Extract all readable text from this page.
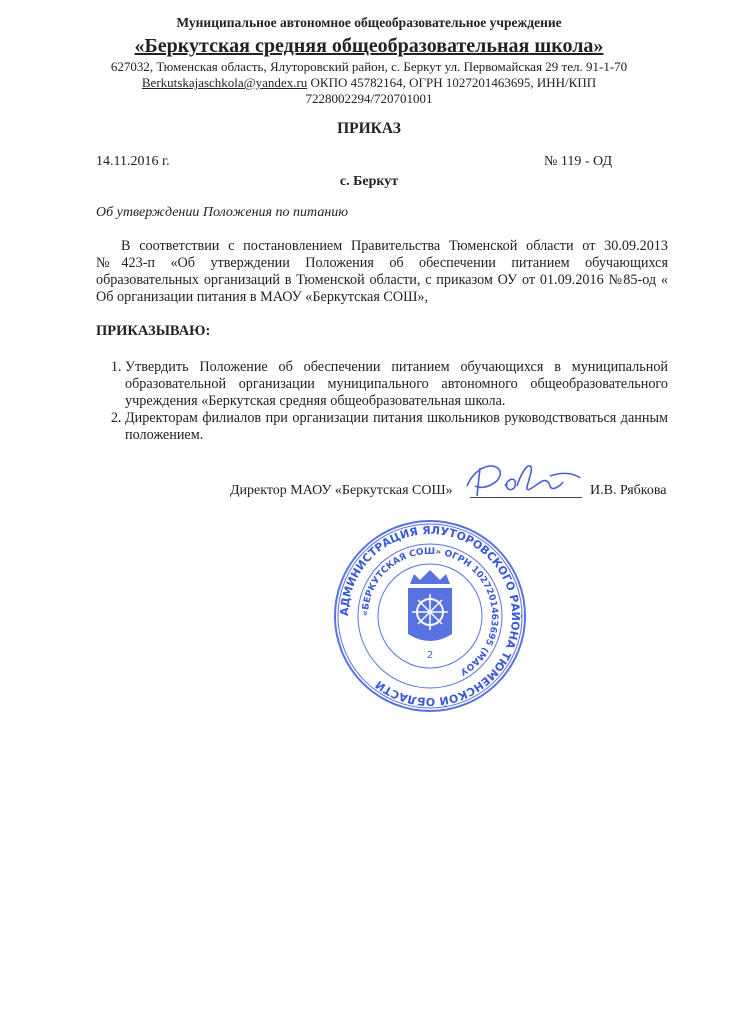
Муниципальное автономное общеобразовательное учреждение
«Беркутская средняя общеобразовательная школа»
627032, Тюменская область, Ялуторовский район, с. Беркут ул. Первомайская 29 тел. 91-1-70
Berkutskajaschkola@yandex.ru ОКПО 45782164, ОГРН 1027201463695, ИНН/КПП
7228002294/720701001
ПРИКАЗ
14.11.2016 г.	№ 119 - ОД
с. Беркут
Об утверждении Положения по питанию
В соответствии с постановлением Правительства Тюменской области от 30.09.2013 №423-п «Об утверждении Положения об обеспечении питанием обучающихся образовательных организаций в Тюменской области, с приказом ОУ от 01.09.2016 №85-од « Об организации питания в МАОУ «Беркутская СОШ»,
ПРИКАЗЫВАЮ:
1. Утвердить Положение об обеспечении питанием обучающихся в муниципальной образовательной организации муниципального автономного общеобразовательного учреждения «Беркутская средняя общеобразовательная школа.
2. Директорам филиалов при организации питания школьников руководствоваться данным положением.
Директор МАОУ «Беркутская СОШ»	И.В. Рябкова
АДМИНИСТРАЦИЯ ЯЛУТОРОВСКОГО РАЙОНА ТЮМЕНСКОЙ ОБЛАСТИ
«БЕРКУТСКАЯ СОШ» ОГРН 1027201463695 (МАОУ
2
